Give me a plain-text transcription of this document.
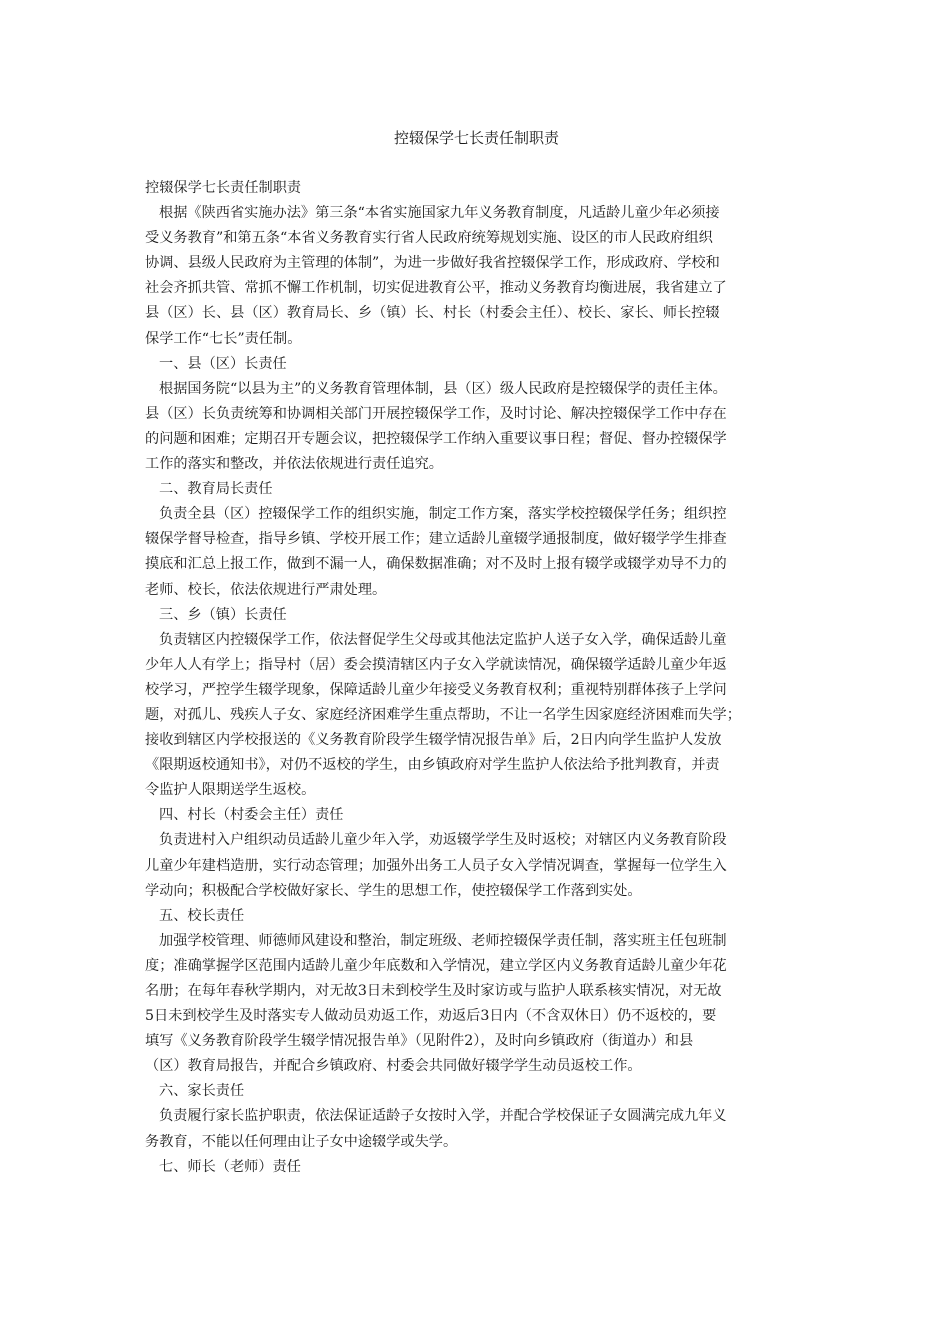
控辍保学七长责任制职责
控辍保学七长责任制职责
根据《陕西省实施办法》第三条“本省实施国家九年义务教育制度，凡适龄儿童少年必须接
受义务教育”和第五条“本省义务教育实行省人民政府统筹规划实施、设区的市人民政府组织
协调、县级人民政府为主管理的体制”，为进一步做好我省控辍保学工作，形成政府、学校和
社会齐抓共管、常抓不懈工作机制，切实促进教育公平，推动义务教育均衡进展，我省建立了
县（区）长、县（区）教育局长、乡（镇）长、村长（村委会主任）、校长、家长、师长控辍
保学工作“七长”责任制。
一、县（区）长责任
根据国务院“以县为主”的义务教育管理体制，县（区）级人民政府是控辍保学的责任主体。
县（区）长负责统筹和协调相关部门开展控辍保学工作，及时讨论、解决控辍保学工作中存在
的问题和困难；定期召开专题会议，把控辍保学工作纳入重要议事日程；督促、督办控辍保学
工作的落实和整改，并依法依规进行责任追究。
二、教育局长责任
负责全县（区）控辍保学工作的组织实施，制定工作方案，落实学校控辍保学任务；组织控
辍保学督导检查，指导乡镇、学校开展工作；建立适龄儿童辍学通报制度，做好辍学学生排查
摸底和汇总上报工作，做到不漏一人，确保数据准确；对不及时上报有辍学或辍学劝导不力的
老师、校长，依法依规进行严肃处理。
三、乡（镇）长责任
负责辖区内控辍保学工作，依法督促学生父母或其他法定监护人送子女入学，确保适龄儿童
少年人人有学上；指导村（居）委会摸清辖区内子女入学就读情况，确保辍学适龄儿童少年返
校学习，严控学生辍学现象，保障适龄儿童少年接受义务教育权利；重视特别群体孩子上学问
题，对孤儿、残疾人子女、家庭经济困难学生重点帮助，不让一名学生因家庭经济困难而失学；
接收到辖区内学校报送的《义务教育阶段学生辍学情况报告单》后，2日内向学生监护人发放
《限期返校通知书》，对仍不返校的学生，由乡镇政府对学生监护人依法给予批判教育，并责
令监护人限期送学生返校。
四、村长（村委会主任）责任
负责进村入户组织动员适龄儿童少年入学，劝返辍学学生及时返校；对辖区内义务教育阶段
儿童少年建档造册，实行动态管理；加强外出务工人员子女入学情况调查，掌握每一位学生入
学动向；积极配合学校做好家长、学生的思想工作，使控辍保学工作落到实处。
五、校长责任
加强学校管理、师德师风建设和整治，制定班级、老师控辍保学责任制，落实班主任包班制
度；准确掌握学区范围内适龄儿童少年底数和入学情况，建立学区内义务教育适龄儿童少年花
名册；在每年春秋学期内，对无故3日未到校学生及时家访或与监护人联系核实情况，对无故
5日未到校学生及时落实专人做动员劝返工作，劝返后3日内（不含双休日）仍不返校的，要
填写《义务教育阶段学生辍学情况报告单》（见附件2），及时向乡镇政府（街道办）和县
（区）教育局报告，并配合乡镇政府、村委会共同做好辍学学生动员返校工作。
六、家长责任
负责履行家长监护职责，依法保证适龄子女按时入学，并配合学校保证子女圆满完成九年义
务教育，不能以任何理由让子女中途辍学或失学。
七、师长（老师）责任
